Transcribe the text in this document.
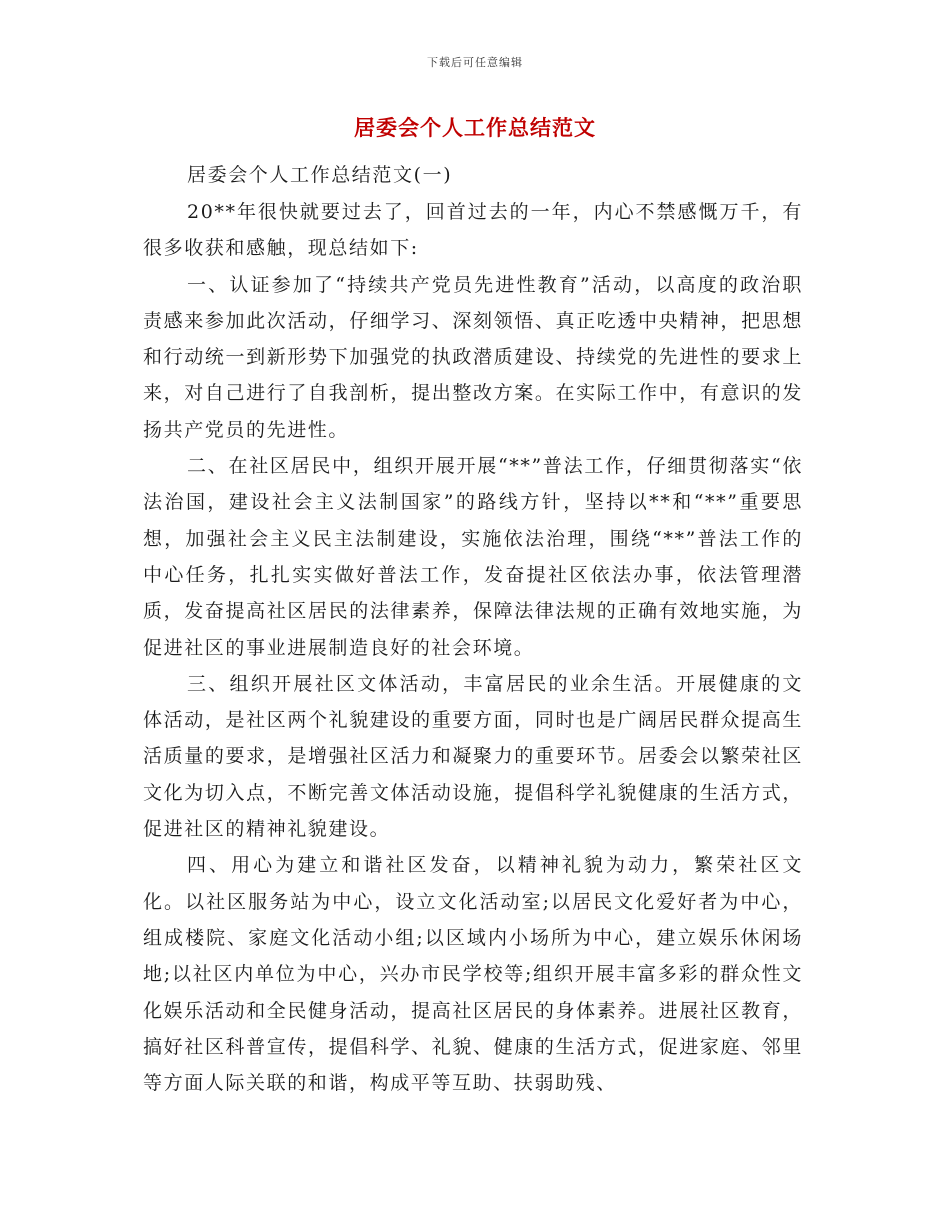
下载后可任意编辑
居委会个人工作总结范文

居委会个人工作总结范文(一)

20**年很快就要过去了，回首过去的一年，内心不禁感慨万千，有很多收获和感触，现总结如下:

一、认证参加了“持续共产党员先进性教育”活动，以高度的政治职责感来参加此次活动，仔细学习、深刻领悟、真正吃透中央精神，把思想和行动统一到新形势下加强党的执政潜质建设、持续党的先进性的要求上来，对自己进行了自我剖析，提出整改方案。在实际工作中，有意识的发扬共产党员的先进性。

二、在社区居民中，组织开展开展“**”普法工作，仔细贯彻落实“依法治国，建设社会主义法制国家”的路线方针，坚持以**和“**”重要思想，加强社会主义民主法制建设，实施依法治理，围绕“**”普法工作的中心任务，扎扎实实做好普法工作，发奋提社区依法办事，依法管理潜质，发奋提高社区居民的法律素养，保障法律法规的正确有效地实施，为促进社区的事业进展制造良好的社会环境。

三、组织开展社区文体活动，丰富居民的业余生活。开展健康的文体活动，是社区两个礼貌建设的重要方面，同时也是广阔居民群众提高生活质量的要求，是增强社区活力和凝聚力的重要环节。居委会以繁荣社区文化为切入点，不断完善文体活动设施，提倡科学礼貌健康的生活方式，促进社区的精神礼貌建设。

四、用心为建立和谐社区发奋，以精神礼貌为动力，繁荣社区文化。以社区服务站为中心，设立文化活动室;以居民文化爱好者为中心，组成楼院、家庭文化活动小组;以区域内小场所为中心，建立娱乐休闲场地;以社区内单位为中心，兴办市民学校等;组织开展丰富多彩的群众性文化娱乐活动和全民健身活动，提高社区居民的身体素养。进展社区教育，搞好社区科普宣传，提倡科学、礼貌、健康的生活方式，促进家庭、邻里等方面人际关联的和谐，构成平等互助、扶弱助残、
